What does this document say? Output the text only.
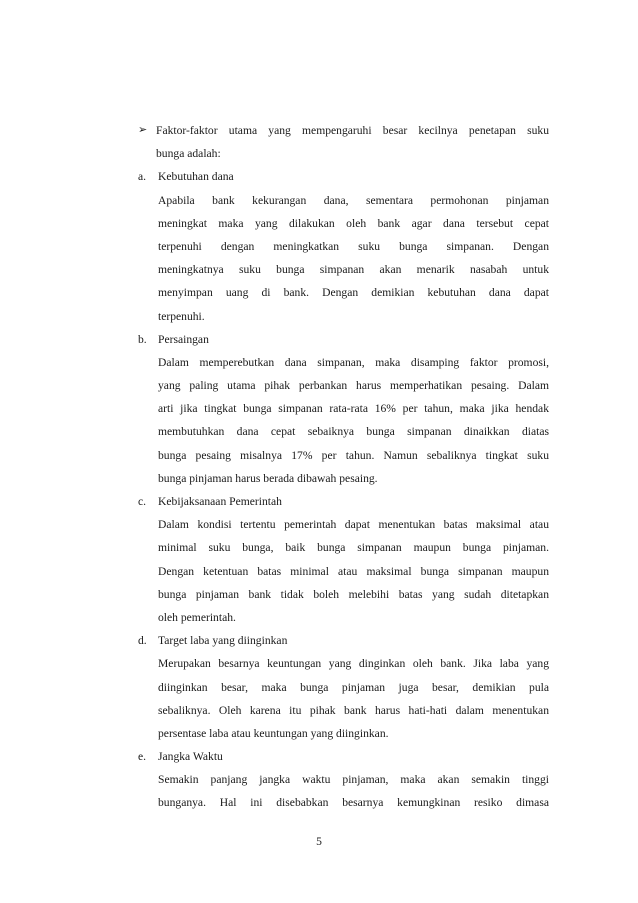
➢ Faktor-faktor utama yang mempengaruhi besar kecilnya penetapan suku
bunga adalah:
a. Kebutuhan dana
Apabila bank kekurangan dana, sementara permohonan pinjaman
meningkat maka yang dilakukan oleh bank agar dana tersebut cepat
terpenuhi dengan meningkatkan suku bunga simpanan. Dengan
meningkatnya suku bunga simpanan akan menarik nasabah untuk
menyimpan uang di bank. Dengan demikian kebutuhan dana dapat
terpenuhi.
b. Persaingan
Dalam memperebutkan dana simpanan, maka disamping faktor promosi,
yang paling utama pihak perbankan harus memperhatikan pesaing. Dalam
arti jika tingkat bunga simpanan rata-rata 16% per tahun, maka jika hendak
membutuhkan dana cepat sebaiknya bunga simpanan dinaikkan diatas
bunga pesaing misalnya 17% per tahun. Namun sebaliknya tingkat suku
bunga pinjaman harus berada dibawah pesaing.
c. Kebijaksanaan Pemerintah
Dalam kondisi tertentu pemerintah dapat menentukan batas maksimal atau
minimal suku bunga, baik bunga simpanan maupun bunga pinjaman.
Dengan ketentuan batas minimal atau maksimal bunga simpanan maupun
bunga pinjaman bank tidak boleh melebihi batas yang sudah ditetapkan
oleh pemerintah.
d. Target laba yang diinginkan
Merupakan besarnya keuntungan yang dinginkan oleh bank. Jika laba yang
diinginkan besar, maka bunga pinjaman juga besar, demikian pula
sebaliknya. Oleh karena itu pihak bank harus hati-hati dalam menentukan
persentase laba atau keuntungan yang diinginkan.
e. Jangka Waktu
Semakin panjang jangka waktu pinjaman, maka akan semakin tinggi
bunganya. Hal ini disebabkan besarnya kemungkinan resiko dimasa
5
